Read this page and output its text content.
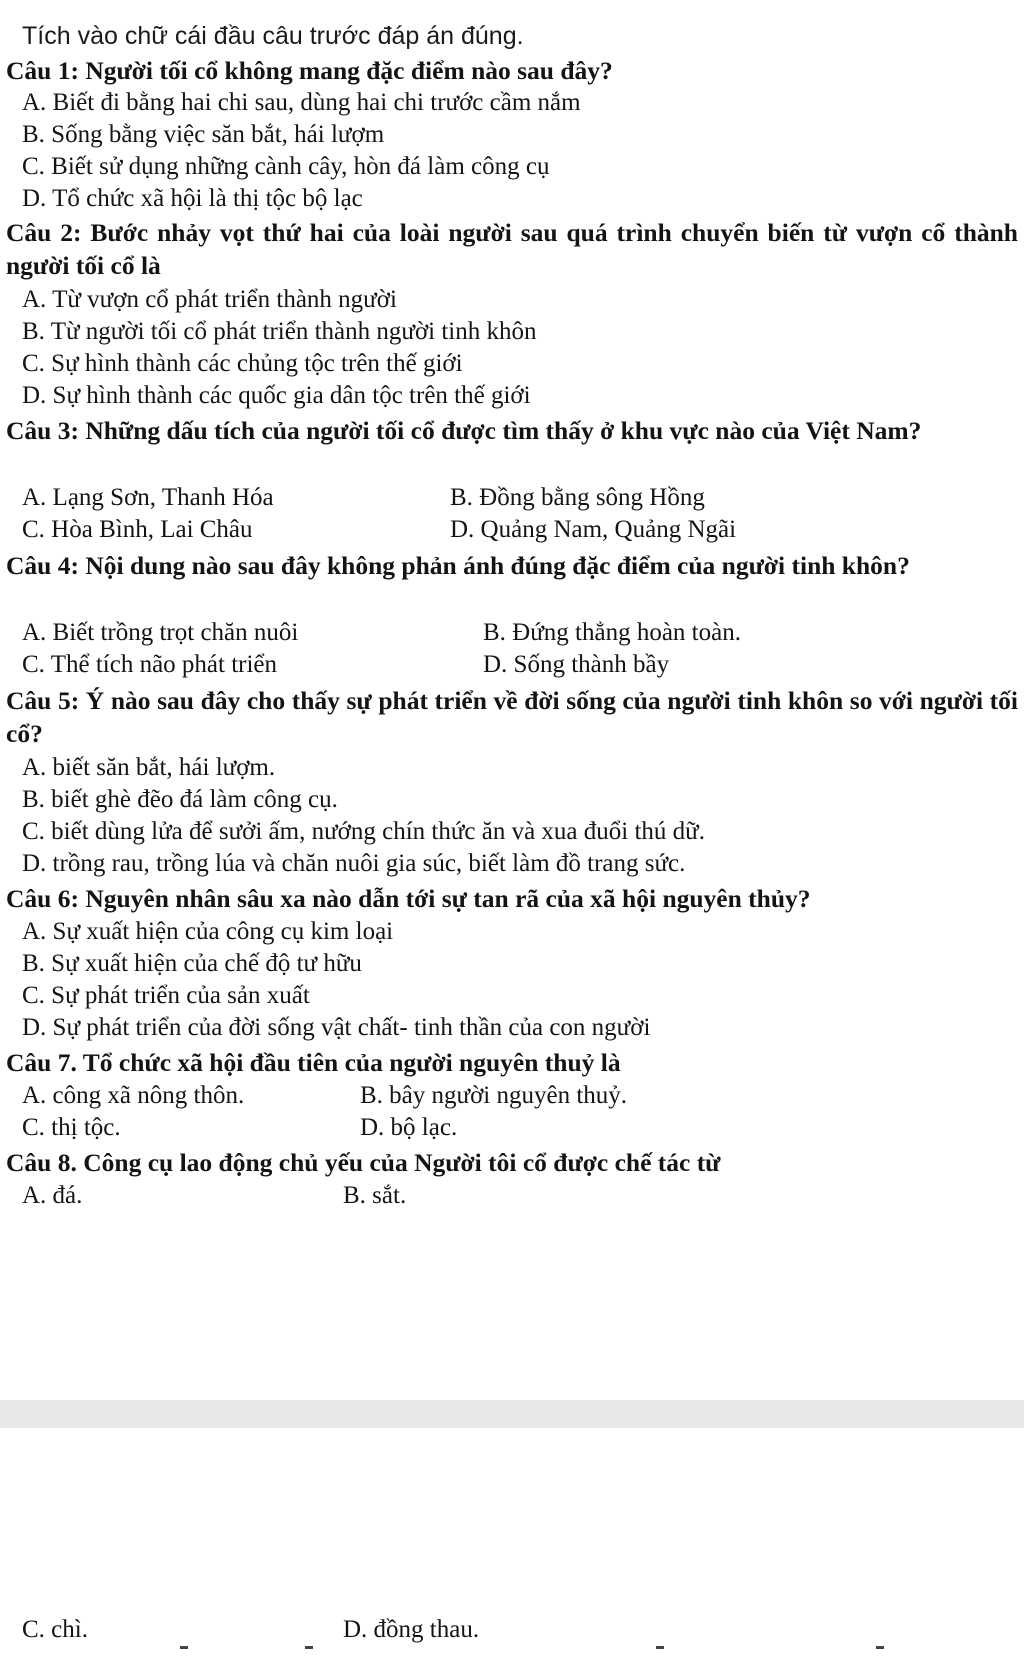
Tích vào chữ cái đầu câu trước đáp án đúng.
Câu 1: Người tối cổ không mang đặc điểm nào sau đây?
A. Biết đi bằng hai chi sau, dùng hai chi trước cầm nắm
B. Sống bằng việc săn bắt, hái lượm
C. Biết sử dụng những cành cây, hòn đá làm công cụ
D. Tổ chức xã hội là thị tộc bộ lạc
Câu 2: Bước nhảy vọt thứ hai của loài người sau quá trình chuyển biến từ vượn cổ thành người tối cổ là
A. Từ vượn cổ phát triển thành người
B. Từ người tối cổ phát triển thành người tinh khôn
C. Sự hình thành các chủng tộc trên thế giới
D. Sự hình thành các quốc gia dân tộc trên thế giới
Câu 3: Những dấu tích của người tối cổ được tìm thấy ở khu vực nào của Việt Nam?
A. Lạng Sơn, Thanh Hóa	B. Đồng bằng sông Hồng
C. Hòa Bình, Lai Châu	D. Quảng Nam, Quảng Ngãi
Câu 4: Nội dung nào sau đây không phản ánh đúng đặc điểm của người tinh khôn?
A. Biết trồng trọt chăn nuôi	B. Đứng thẳng hoàn toàn.
C. Thể tích não phát triển	D. Sống thành bầy
Câu 5: Ý nào sau đây cho thấy sự phát triển về đời sống của người tinh khôn so với người tối cổ?
A. biết săn bắt, hái lượm.
B. biết ghè đẽo đá làm công cụ.
C. biết dùng lửa để sưởi ấm, nướng chín thức ăn và xua đuổi thú dữ.
D. trồng rau, trồng lúa và chăn nuôi gia súc, biết làm đồ trang sức.
Câu 6: Nguyên nhân sâu xa nào dẫn tới sự tan rã của xã hội nguyên thủy?
A. Sự xuất hiện của công cụ kim loại
B. Sự xuất hiện của chế độ tư hữu
C. Sự phát triển của sản xuất
D. Sự phát triển của đời sống vật chất- tinh thần của con người
Câu 7. Tổ chức xã hội đầu tiên của người nguyên thuỷ là
A. công xã nông thôn.	B. bây người nguyên thuỷ.
C. thị tộc.	D. bộ lạc.
Câu 8. Công cụ lao động chủ yếu của Người tôi cổ được chế tác từ
A. đá.	B. sắt.
C. chì.	D. đồng thau.
